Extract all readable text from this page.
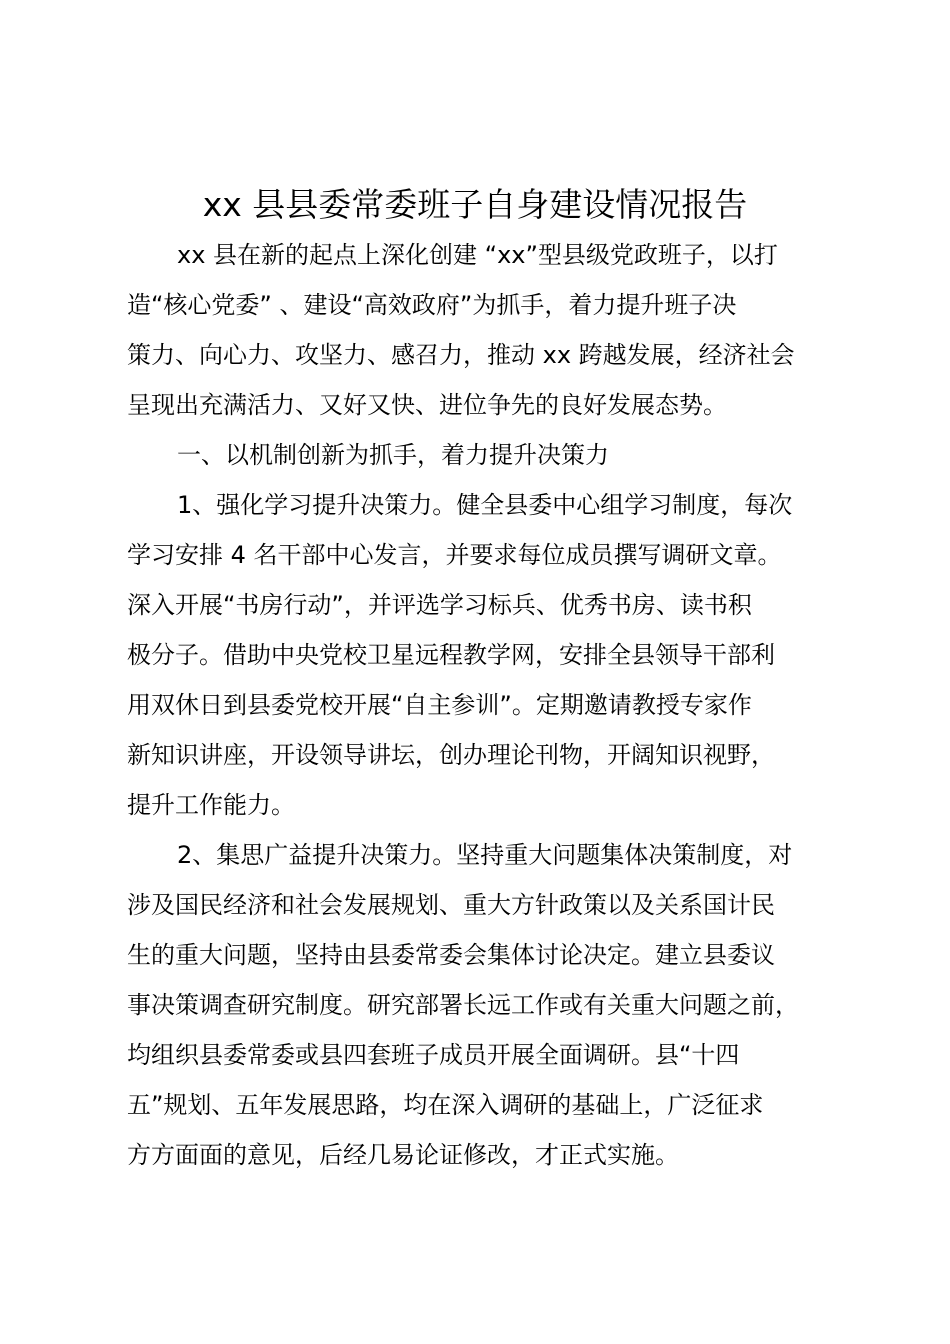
xx 县县委常委班子自身建设情况报告

xx 县在新的起点上深化创建 “xx”型县级党政班子，以打

造“核心党委” 、建设“高效政府”为抓手，着力提升班子决

策力、向心力、攻坚力、感召力，推动 xx 跨越发展，经济社会

呈现出充满活力、又好又快、进位争先的良好发展态势。

一、以机制创新为抓手，着力提升决策力

1、强化学习提升决策力。健全县委中心组学习制度，每次

学习安排 4 名干部中心发言，并要求每位成员撰写调研文章。

深入开展“书房行动”，并评选学习标兵、优秀书房、读书积

极分子。借助中央党校卫星远程教学网，安排全县领导干部利

用双休日到县委党校开展“自主参训”。定期邀请教授专家作

新知识讲座，开设领导讲坛，创办理论刊物，开阔知识视野，

提升工作能力。

2、集思广益提升决策力。坚持重大问题集体决策制度，对

涉及国民经济和社会发展规划、重大方针政策以及关系国计民

生的重大问题，坚持由县委常委会集体讨论决定。建立县委议

事决策调查研究制度。研究部署长远工作或有关重大问题之前，

均组织县委常委或县四套班子成员开展全面调研。县“十四

五”规划、五年发展思路，均在深入调研的基础上，广泛征求

方方面面的意见，后经几易论证修改，才正式实施。
